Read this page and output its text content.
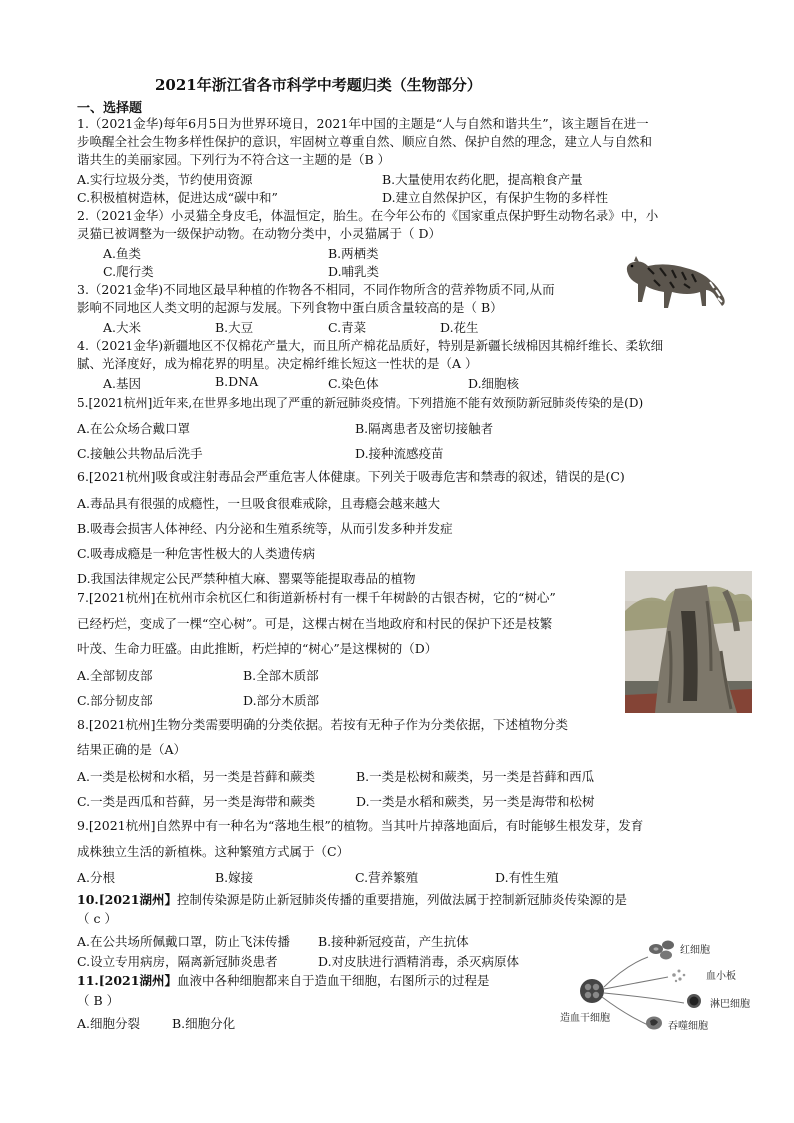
2021年浙江省各市科学中考题归类（生物部分）
一、选择题
1.（2021金华)每年6月5日为世界环境日，2021年中国的主题是“人与自然和谐共生”，该主题旨在进一
步唤醒全社会生物多样性保护的意识，牢固树立尊重自然、顺应自然、保护自然的理念，建立人与自然和
谐共生的美丽家园。下列行为不符合这一主题的是（B ）
A.实行垃圾分类，节约使用资源	B.大量使用农药化肥，提高粮食产量
C.积极植树造林，促进达成“碳中和”	D.建立自然保护区，有保护生物的多样性
2.（2021金华）小灵猫全身皮毛，体温恒定，胎生。在今年公布的《国家重点保护野生动物名录》中，小
灵猫已被调整为一级保护动物。在动物分类中，小灵猫属于（ D）
A.鱼类	B.两栖类
C.爬行类	D.哺乳类
3.（2021金华)不同地区最早种植的作物各不相同，不同作物所含的营养物质不同,从而
影响不同地区人类文明的起源与发展。下列食物中蛋白质含量较高的是（ B）
A.大米	B.大豆	C.青菜	D.花生
4.（2021金华)新疆地区不仅棉花产量大，而且所产棉花品质好，特别是新疆长绒棉因其棉纤维长、柔软细
腻、光泽度好，成为棉花界的明星。决定棉纤维长短这一性状的是（A ）
A.基因	B.DNA	C.染色体	D.细胞核
5.[2021杭州]近年来,在世界多地出现了严重的新冠肺炎疫情。下列措施不能有效预防新冠肺炎传染的是(D)
A.在公众场合戴口罩	B.隔离患者及密切接触者
C.接触公共物品后洗手	D.接种流感疫苗
6.[2021杭州]吸食或注射毒品会严重危害人体健康。下列关于吸毒危害和禁毒的叙述，错误的是(C)
A.毒品具有很强的成瘾性，一旦吸食很难戒除，且毒瘾会越来越大
B.吸毒会损害人体神经、内分泌和生殖系统等，从而引发多种并发症
C.吸毒成瘾是一种危害性极大的人类遗传病
D.我国法律规定公民严禁种植大麻、罂粟等能提取毒品的植物
7.[2021杭州]在杭州市余杭区仁和街道新桥村有一棵千年树龄的古银杏树，它的“树心”
已经朽烂，变成了一棵“空心树”。可是，这棵古树在当地政府和村民的保护下还是枝繁
叶茂、生命力旺盛。由此推断，朽烂掉的“树心”是这棵树的（D）
A.全部韧皮部	B.全部木质部
C.部分韧皮部	D.部分木质部
8.[2021杭州]生物分类需要明确的分类依据。若按有无种子作为分类依据，下述植物分类
结果正确的是（A）
A.一类是松树和水稻，另一类是苔藓和蕨类	B.一类是松树和蕨类，另一类是苔藓和西瓜
C.一类是西瓜和苔藓，另一类是海带和蕨类	D.一类是水稻和蕨类，另一类是海带和松树
9.[2021杭州]自然界中有一种名为“落地生根”的植物。当其叶片掉落地面后，有时能够生根发芽，发育
成株独立生活的新植株。这种繁殖方式属于（C）
A.分根	B.嫁接	C.营养繁殖	D.有性生殖
10.[2021湖州】控制传染源是防止新冠肺炎传播的重要措施，列做法属于控制新冠肺炎传染源的是
（ c ）
A.在公共场所佩戴口罩，防止飞沫传播 B.接种新冠疫苗，产生抗体
C.设立专用病房，隔离新冠肺炎患者	D.对皮肤进行酒精消毒，杀灭病原体
11.[2021湖州】血液中各种细胞都来自于造血干细胞，右图所示的过程是
（ B ）
A.细胞分裂	B.细胞分化	造血干细胞
红细胞
血小板
淋巴细胞
吞噬细胞
